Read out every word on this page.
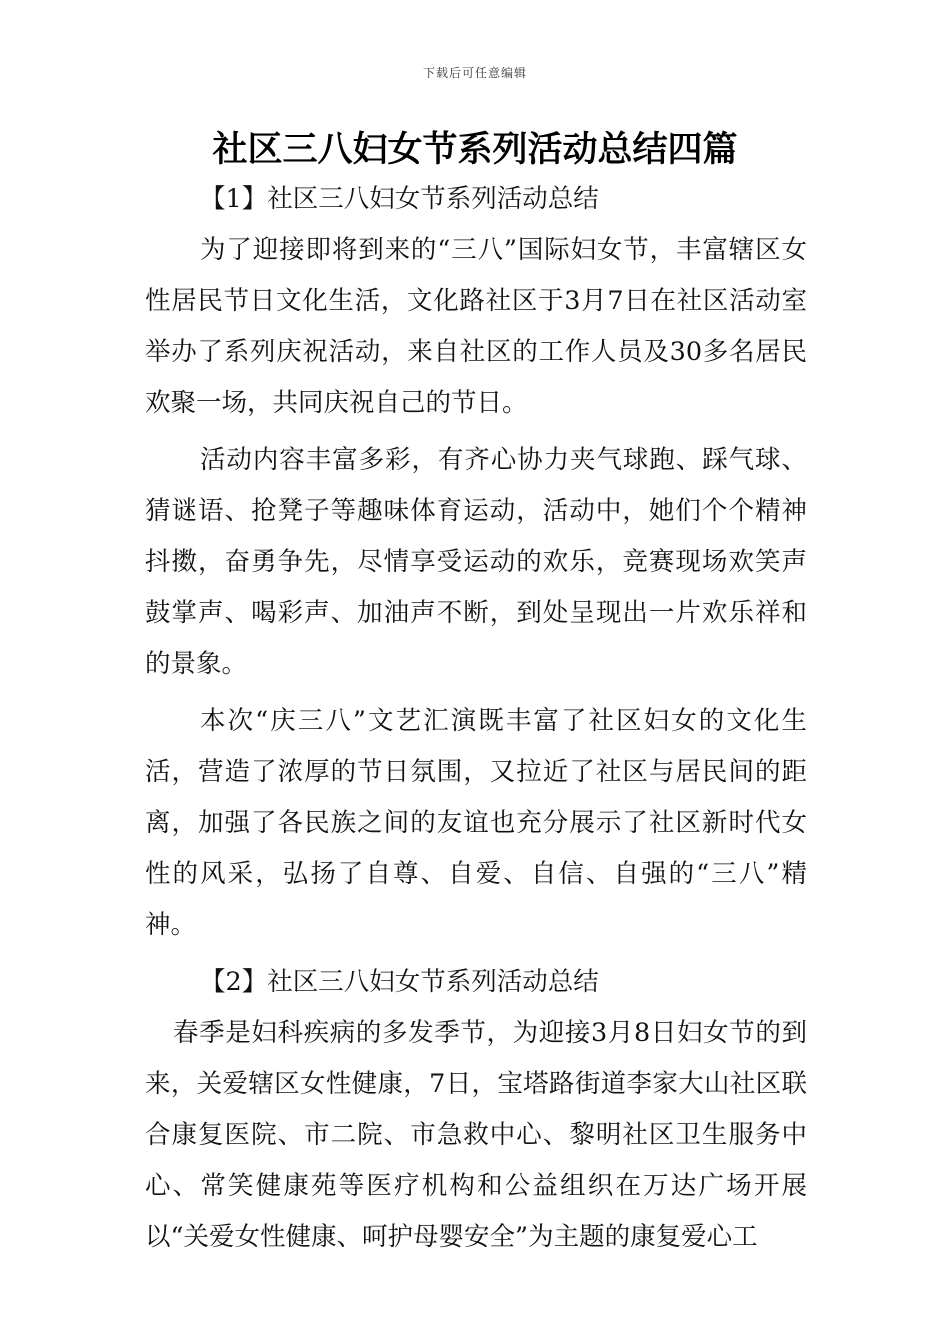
下载后可任意编辑
社区三八妇女节系列活动总结四篇

【1】社区三八妇女节系列活动总结

为了迎接即将到来的“三八”国际妇女节，丰富辖区女性居民节日文化生活，文化路社区于3月7日在社区活动室举办了系列庆祝活动，来自社区的工作人员及30多名居民欢聚一场，共同庆祝自己的节日。

活动内容丰富多彩，有齐心协力夹气球跑、踩气球、猜谜语、抢凳子等趣味体育运动，活动中，她们个个精神抖擞，奋勇争先，尽情享受运动的欢乐，竞赛现场欢笑声鼓掌声、喝彩声、加油声不断，到处呈现出一片欢乐祥和的景象。

本次“庆三八”文艺汇演既丰富了社区妇女的文化生活，营造了浓厚的节日氛围，又拉近了社区与居民间的距离，加强了各民族之间的友谊也充分展示了社区新时代女性的风采，弘扬了自尊、自爱、自信、自强的“三八”精神。

【2】社区三八妇女节系列活动总结

春季是妇科疾病的多发季节，为迎接3月8日妇女节的到来，关爱辖区女性健康，7日，宝塔路街道李家大山社区联合康复医院、市二院、市急救中心、黎明社区卫生服务中心、常笑健康苑等医疗机构和公益组织在万达广场开展以“关爱女性健康、呵护母婴安全”为主题的康复爱心工
